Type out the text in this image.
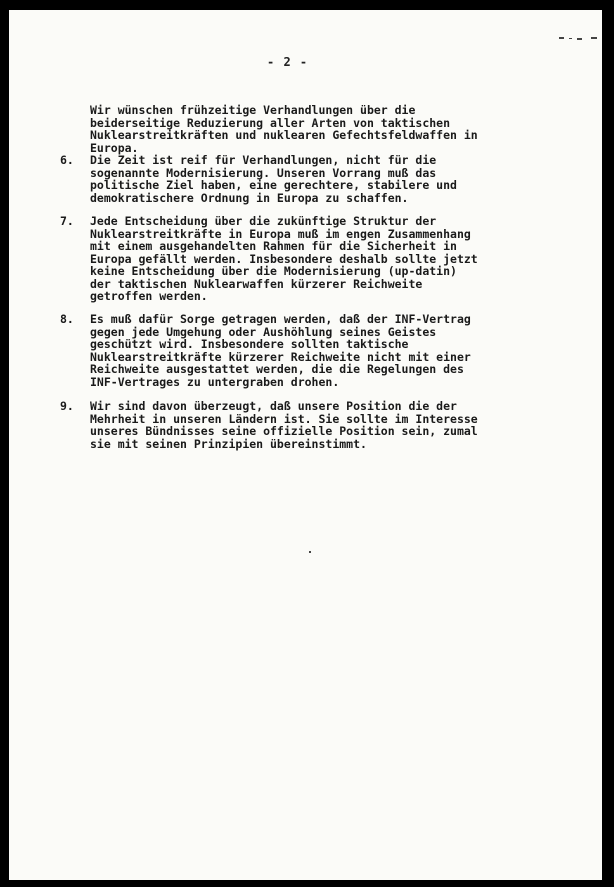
- 2 -
Wir wünschen frühzeitige Verhandlungen über die
beiderseitige Reduzierung aller Arten von taktischen
Nuklearstreitkräften und nuklearen Gefechtsfeldwaffen in
Europa.
6.	Die Zeit ist reif für Verhandlungen, nicht für die
sogenannte Modernisierung. Unseren Vorrang muß das
politische Ziel haben, eine gerechtere, stabilere und
demokratischere Ordnung in Europa zu schaffen.
7.	Jede Entscheidung über die zukünftige Struktur der
Nuklearstreitkräfte in Europa muß im engen Zusammenhang
mit einem ausgehandelten Rahmen für die Sicherheit in
Europa gefällt werden. Insbesondere deshalb sollte jetzt
keine Entscheidung über die Modernisierung (up-datin)
der taktischen Nuklearwaffen kürzerer Reichweite
getroffen werden.
8.	Es muß dafür Sorge getragen werden, daß der INF-Vertrag
gegen jede Umgehung oder Aushöhlung seines Geistes
geschützt wird. Insbesondere sollten taktische
Nuklearstreitkräfte kürzerer Reichweite nicht mit einer
Reichweite ausgestattet werden, die die Regelungen des
INF-Vertrages zu untergraben drohen.
9.	Wir sind davon überzeugt, daß unsere Position die der
Mehrheit in unseren Ländern ist. Sie sollte im Interesse
unseres Bündnisses seine offizielle Position sein, zumal
sie mit seinen Prinzipien übereinstimmt.
